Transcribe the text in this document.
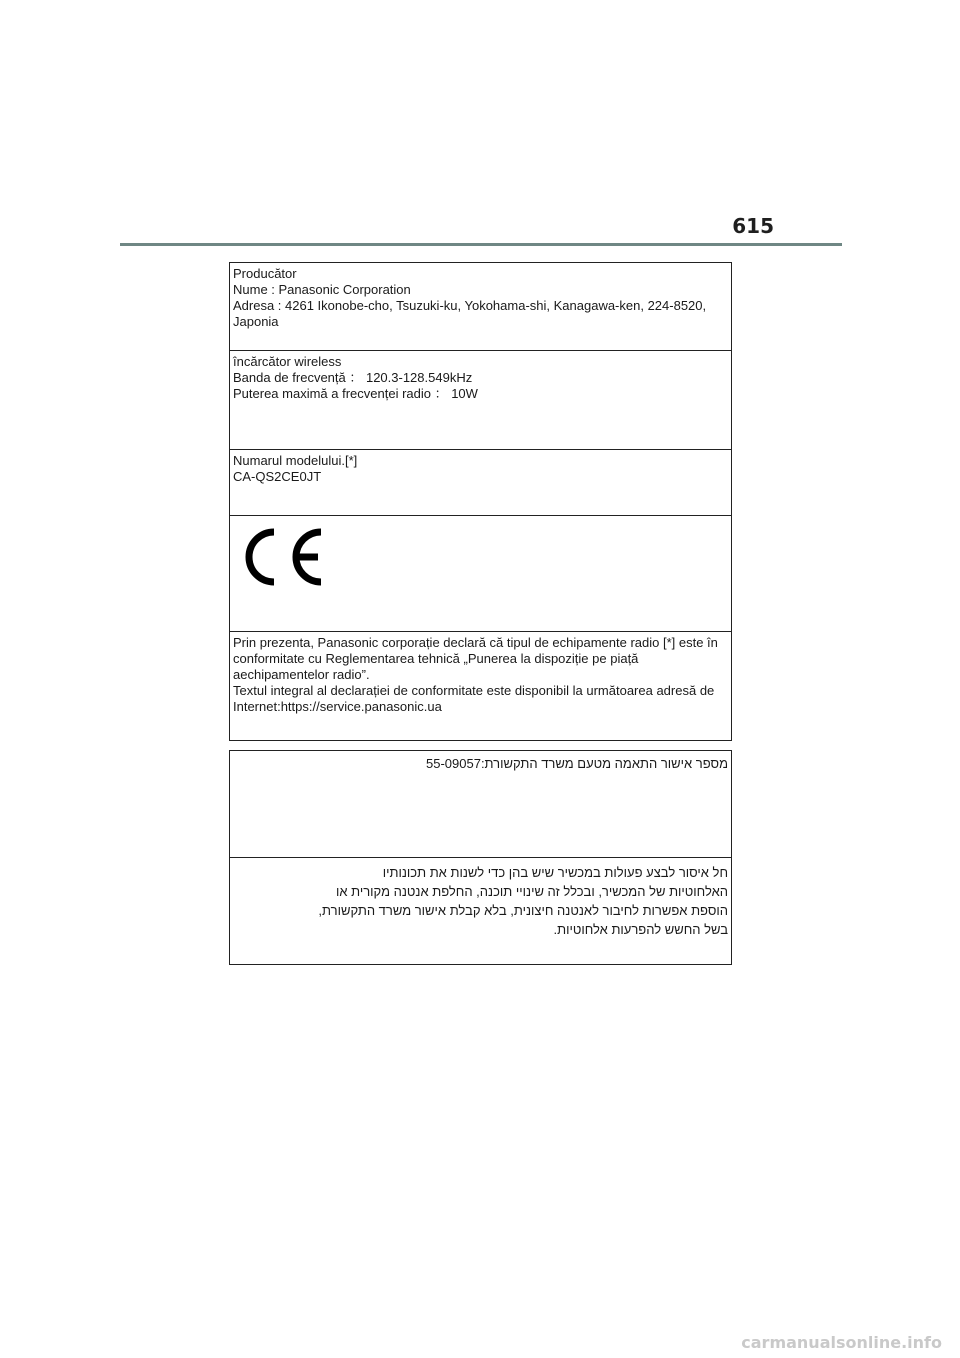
615

Producător

Nume : Panasonic Corporation

Adresa : 4261 Ikonobe-cho, Tsuzuki-ku, Yokohama-shi, Kanagawa-ken, 224-8520, Japonia

încărcător wireless

Banda de frecvență ： 120.3-128.549kHz

Puterea maximă a frecvenței radio ： 10W

Numarul modelului.[*]

CA-QS2CE0JT

Prin prezenta, Panasonic corporație declară că tipul de echipamente radio [*] este în conformitate cu Reglementarea tehnică „Punerea la dispoziție pe piață aechipamentelor radio”.

Textul integral al declarației de conformitate este disponibil la următoarea adresă de Internet:https://service.panasonic.ua

מספר אישור התאמה מטעם משרד התקשורת:55-09057

חל איסור לבצע פעולות במכשיר שיש בהן כדי לשנות את תכונותיו

האלחוטיות של המכשיר, ובכלל זה שינויי תוכנה, החלפת אנטנה מקורית או

הוספת אפשרות לחיבור לאנטנה חיצונית, בלא קבלת אישור משרד התקשורת,

בשל החשש להפרעות אלחוטיות.

carmanualsonline.info
